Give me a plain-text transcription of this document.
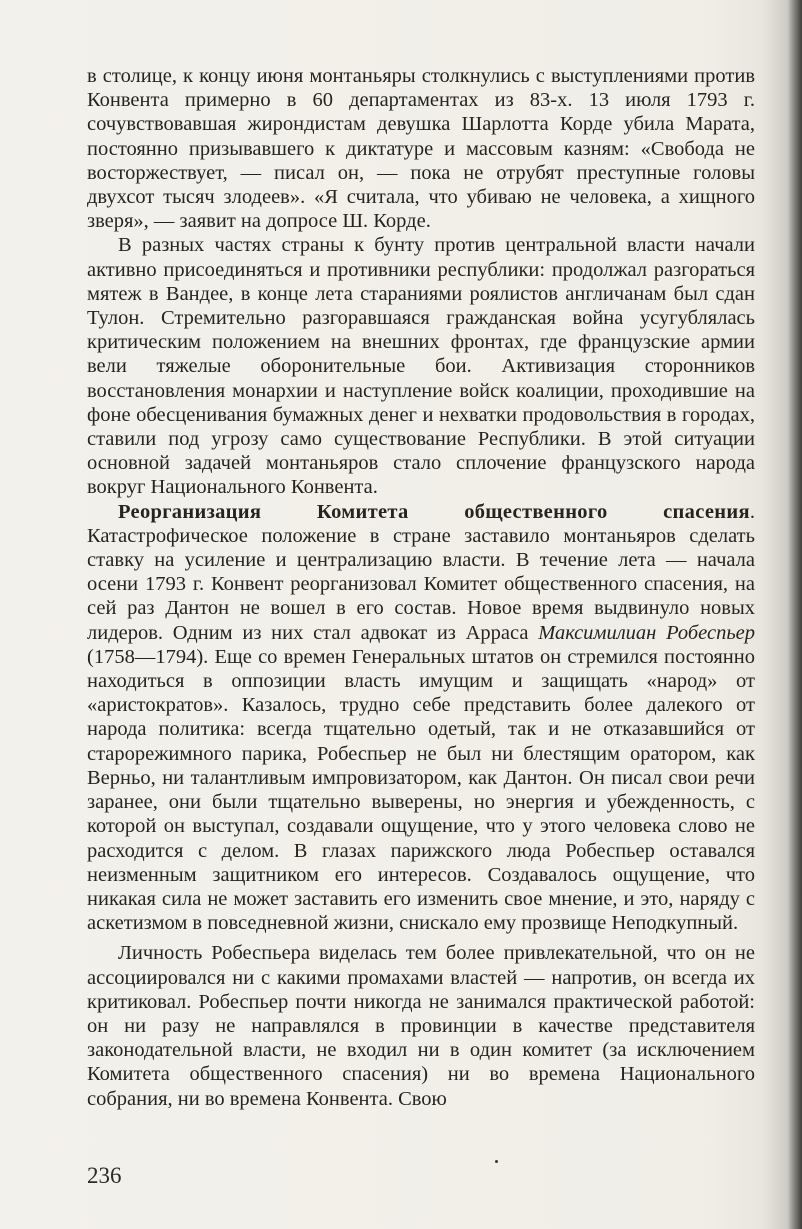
в столице, к концу июня монтаньяры столкнулись с выступлениями против Конвента примерно в 60 департаментах из 83-х. 13 июля 1793 г. сочувствовавшая жирондистам девушка Шарлотта Корде убила Марата, постоянно призывавшего к диктатуре и массовым казням: «Свобода не восторжествует, — писал он, — пока не отрубят преступные головы двухсот тысяч злодеев». «Я считала, что убиваю не человека, а хищного зверя», — заявит на допросе Ш. Корде.

В разных частях страны к бунту против центральной власти начали активно присоединяться и противники республики: продолжал разгораться мятеж в Вандее, в конце лета стараниями роялистов англичанам был сдан Тулон. Стремительно разгоравшаяся гражданская война усугублялась критическим положением на внешних фронтах, где французские армии вели тяжелые оборонительные бои. Активизация сторонников восстановления монархии и наступление войск коалиции, проходившие на фоне обесценивания бумажных денег и нехватки продовольствия в городах, ставили под угрозу само существование Республики. В этой ситуации основной задачей монтаньяров стало сплочение французского народа вокруг Национального Конвента.

Реорганизация Комитета общественного спасения. Катастрофическое положение в стране заставило монтаньяров сделать ставку на усиление и централизацию власти. В течение лета — начала осени 1793 г. Конвент реорганизовал Комитет общественного спасения, на сей раз Дантон не вошел в его состав. Новое время выдвинуло новых лидеров. Одним из них стал адвокат из Арраса Максимилиан Робеспьер (1758—1794). Еще со времен Генеральных штатов он стремился постоянно находиться в оппозиции власть имущим и защищать «народ» от «аристократов». Казалось, трудно себе представить более далекого от народа политика: всегда тщательно одетый, так и не отказавшийся от старорежимного парика, Робеспьер не был ни блестящим оратором, как Верньо, ни талантливым импровизатором, как Дантон. Он писал свои речи заранее, они были тщательно выверены, но энергия и убежденность, с которой он выступал, создавали ощущение, что у этого человека слово не расходится с делом. В глазах парижского люда Робеспьер оставался неизменным защитником его интересов. Создавалось ощущение, что никакая сила не может заставить его изменить свое мнение, и это, наряду с аскетизмом в повседневной жизни, снискало ему прозвище Неподкупный.

Личность Робеспьера виделась тем более привлекательной, что он не ассоциировался ни с какими промахами властей — напротив, он всегда их критиковал. Робеспьер почти никогда не занимался практической работой: он ни разу не направлялся в провинции в качестве представителя законодательной власти, не входил ни в один комитет (за исключением Комитета общественного спасения) ни во времена Национального собрания, ни во времена Конвента. Свою

236
